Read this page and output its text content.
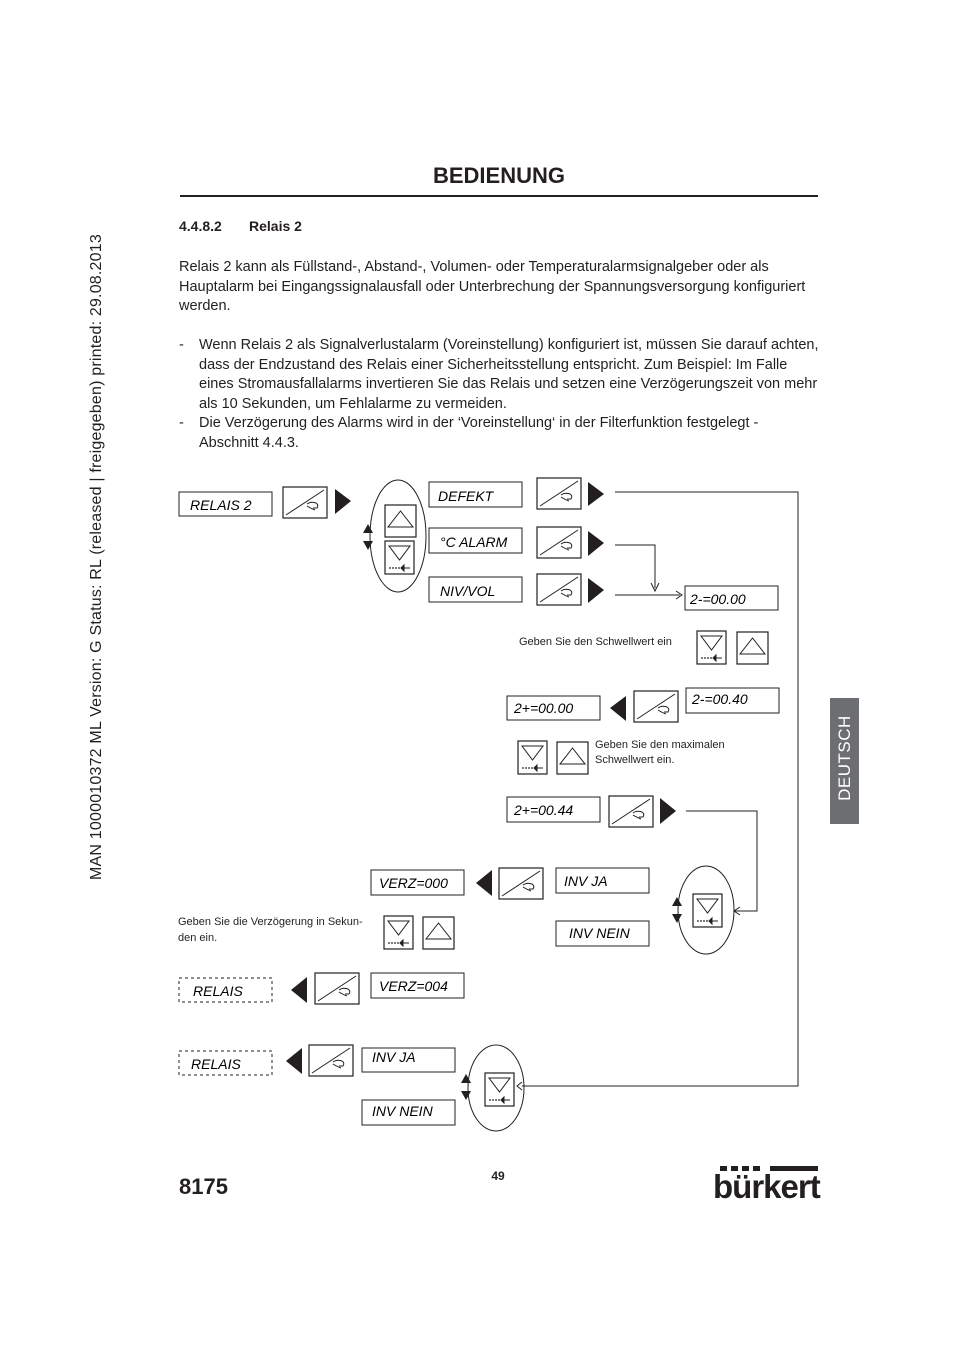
MAN 1000010372 ML Version: G Status: RL (released | freigegeben) printed: 29.08.2013
BEDIENUNG
4.4.8.2 Relais 2
Relais 2 kann als Füllstand-, Abstand-, Volumen- oder Temperaturalarmsignalgeber oder als Hauptalarm bei Eingangssignalausfall oder Unterbrechung der Spannungsversorgung konfiguriert werden.
- Wenn Relais 2 als Signalverlustalarm (Voreinstellung) konfiguriert ist, müssen Sie darauf achten, dass der Endzustand des Relais einer Sicherheitsstellung entspricht. Zum Beispiel: Im Falle eines Stromausfallalarms invertieren Sie das Relais und setzen eine Verzögerungszeit von mehr als 10 Sekunden, um Fehlalarme zu vermeiden.
- Die Verzögerung des Alarms wird in der ‘Voreinstellung‘ in der Filterfunktion festgelegt - Abschnitt 4.4.3.
RELAIS 2
DEFEKT
°C ALARM
NIV/VOL	2-=00.00
Geben Sie den Schwellwert ein
2-=00.40
2+=00.00
Geben Sie den maximalen
Schwellwert ein.
2+=00.44
INV JA
INV NEIN
VERZ=000
Geben Sie die Verzögerung in Sekun-
den ein.
RELAIS	VERZ=004
RELAIS	INV JA
INV NEIN
DEUTSCH
8175	49	bürkert
